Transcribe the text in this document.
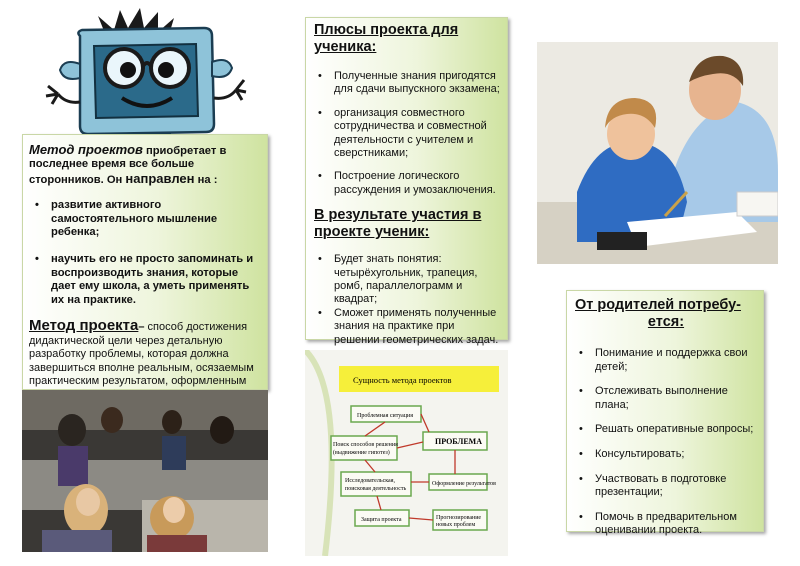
Метод проектов приобретает в последнее время все больше сторонников. Он направлен на :

• развитие активного самостоятельного мышление ребенка;
• научить его не просто запоминать и воспроизводить знания, которые дает ему школа, а уметь применять их на практике.

Метод проекта– способ достижения дидактической цели через детальную разработку проблемы, которая должна завершиться вполне реальным, осязаемым практическим результатом, оформленным

Плюсы проекта для ученика:
• Полученные знания пригодятся для сдачи выпускного экзамена;
• организация совместного сотрудничества и совместной деятельности с учителем и сверстниками;
• Построение логического рассуждения и умозаключения.
В результате участия в проекте ученик:
• Будет знать понятия: четырёхугольник, трапеция, ромб, параллелограмм и квадрат;
• Сможет применять полученные знания на практике при решении геометрических задач.
Сущность метода проектов
Проблемная ситуация
Поиск способов решения
(выдвижение гипотез)
Исследовательская,
поисковая деятельность
Защита проекта
ПРОБЛЕМА
Оформление результатов
Прогнозирование
новых проблем
От родителей потребу-
ется:
• Понимание и поддержка свои детей;
• Отслеживать выполнение плана;
• Решать оперативные вопросы;
• Консультировать;
• Участвовать в подготовке презентации;
• Помочь в предварительном оценивании проекта.
